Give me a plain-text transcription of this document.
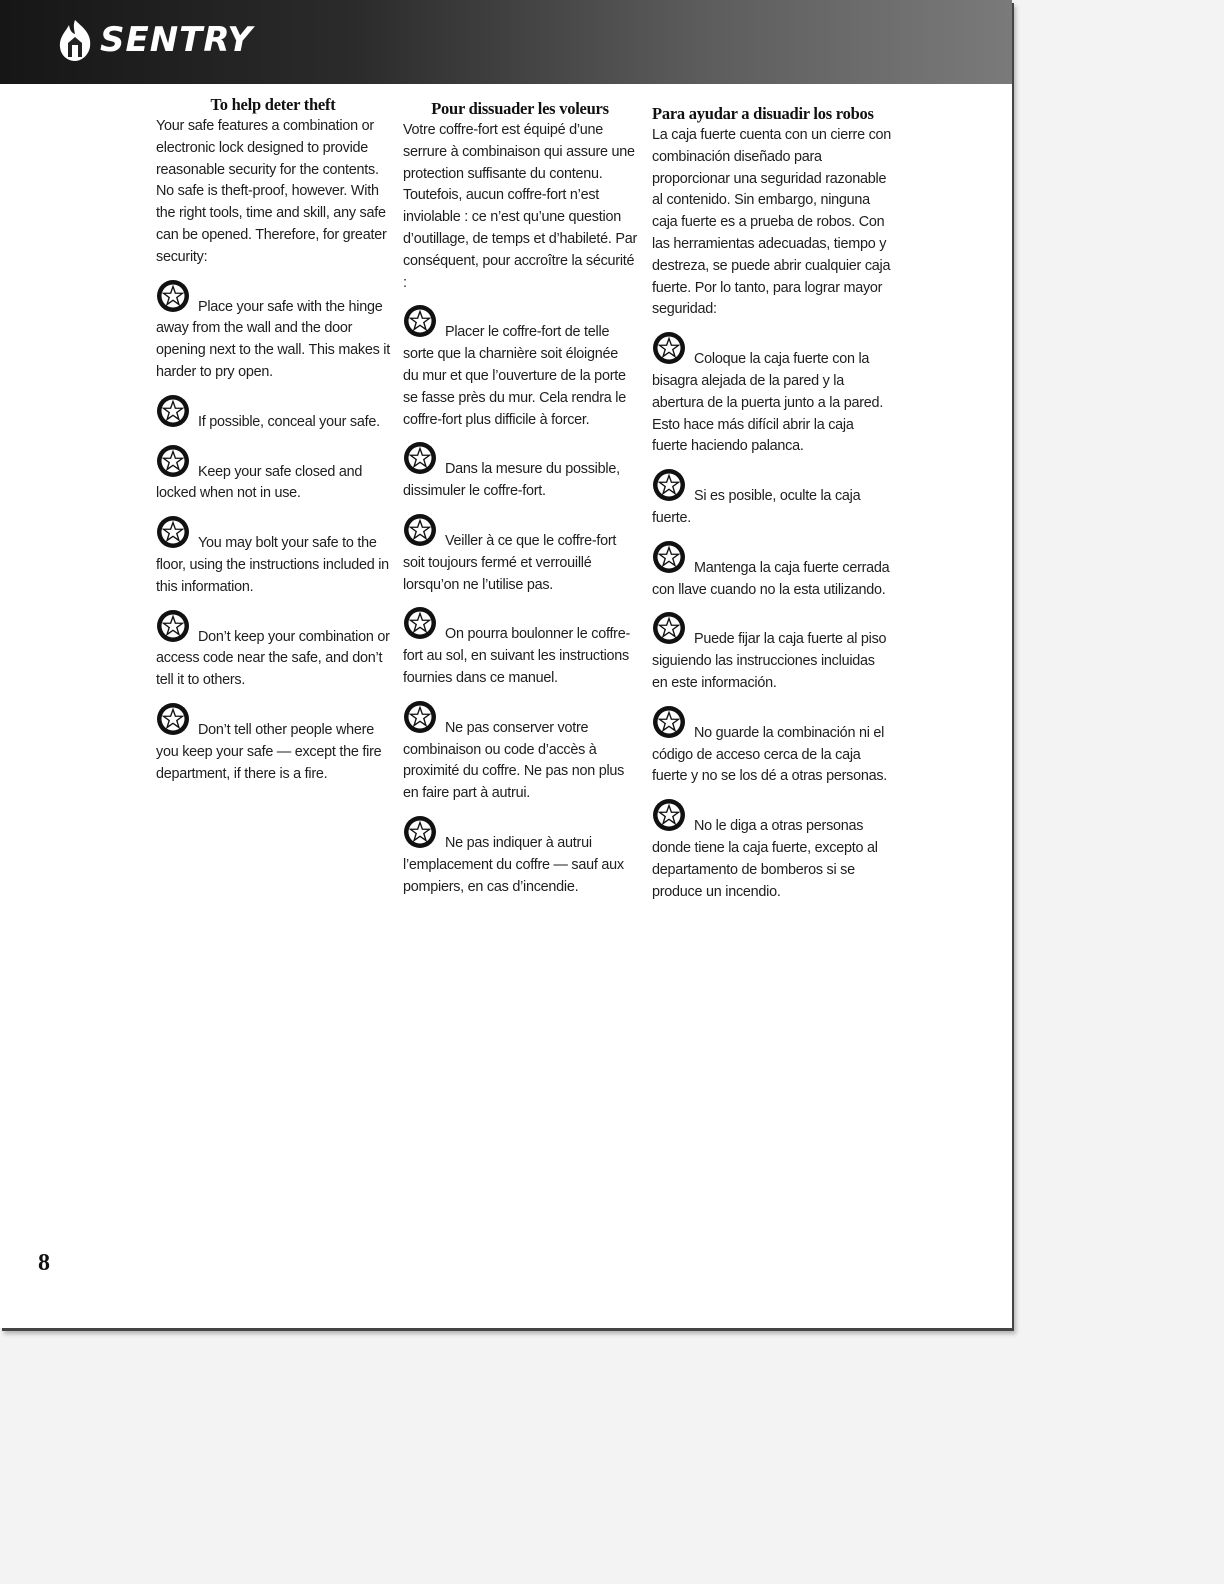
SENTRY
To help deter theft

Your safe features a combination or electronic lock designed to provide reasonable security for the contents. No safe is theft-proof, however. With the right tools, time and skill, any safe can be opened. Therefore, for greater security:

Place your safe with the hinge away from the wall and the door opening next to the wall. This makes it harder to pry open.

If possible, conceal your safe.

Keep your safe closed and locked when not in use.

You may bolt your safe to the floor, using the instructions included in this information.

Don’t keep your combination or access code near the safe, and don’t tell it to others.

Don’t tell other people where you keep your safe — except the fire department, if there is a fire.

Pour dissuader les voleurs

Votre coffre-fort est équipé d’une serrure à combinaison qui assure une protection suffisante du contenu. Toutefois, aucun coffre-fort n’est inviolable : ce n’est qu’une question d’outillage, de temps et d’habileté. Par conséquent, pour accroître la sécurité :

Placer le coffre-fort de telle sorte que la charnière soit éloignée du mur et que l’ouverture de la porte se fasse près du mur. Cela rendra le coffre-fort plus difficile à forcer.

Dans la mesure du possible, dissimuler le coffre-fort.

Veiller à ce que le coffre-fort soit toujours fermé et verrouillé lorsqu’on ne l’utilise pas.

On pourra boulonner le coffre-fort au sol, en suivant les instructions fournies dans ce manuel.

Ne pas conserver votre combinaison ou code d’accès à proximité du coffre. Ne pas non plus en faire part à autrui.

Ne pas indiquer à autrui l’emplacement du coffre — sauf aux pompiers, en cas d’incendie.

Para ayudar a disuadir los robos

La caja fuerte cuenta con un cierre con combinación diseñado para proporcionar una seguridad razonable al contenido. Sin embargo, ninguna caja fuerte es a prueba de robos. Con las herramientas adecuadas, tiempo y destreza, se puede abrir cualquier caja fuerte. Por lo tanto, para lograr mayor seguridad:

Coloque la caja fuerte con la bisagra alejada de la pared y la abertura de la puerta junto a la pared. Esto hace más difícil abrir la caja fuerte haciendo palanca.

Si es posible, oculte la caja fuerte.

Mantenga la caja fuerte cerrada con llave cuando no la esta utilizando.

Puede fijar la caja fuerte al piso siguiendo las instrucciones incluidas en este información.

No guarde la combinación ni el código de acceso cerca de la caja fuerte y no se los dé a otras personas.

No le diga a otras personas donde tiene la caja fuerte, excepto al departamento de bomberos si se produce un incendio.

8
